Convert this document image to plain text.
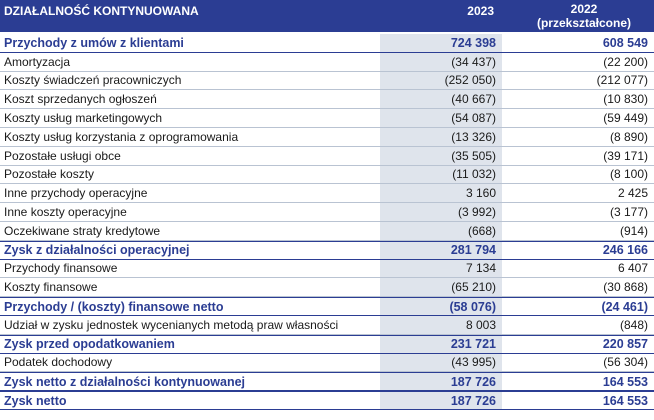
DZIAŁALNOŚĆ KONTYNUOWANA	2023	2022
(przekształcone)
Przychody z umów z klientami	724 398	608 549
Amortyzacja	(34 437)	(22 200)
Koszty świadczeń pracowniczych	(252 050)	(212 077)
Koszt sprzedanych ogłoszeń	(40 667)	(10 830)
Koszty usług marketingowych	(54 087)	(59 449)
Koszty usług korzystania z oprogramowania	(13 326)	(8 890)
Pozostałe usługi obce	(35 505)	(39 171)
Pozostałe koszty	(11 032)	(8 100)
Inne przychody operacyjne	3 160	2 425
Inne koszty operacyjne	(3 992)	(3 177)
Oczekiwane straty kredytowe	(668)	(914)
Zysk z działalności operacyjnej	281 794	246 166
Przychody finansowe	7 134	6 407
Koszty finansowe	(65 210)	(30 868)
Przychody / (koszty) finansowe netto	(58 076)	(24 461)
Udział w zysku jednostek wycenianych metodą praw własności	8 003	(848)
Zysk przed opodatkowaniem	231 721	220 857
Podatek dochodowy	(43 995)	(56 304)
Zysk netto z działalności kontynuowanej	187 726	164 553
Zysk netto	187 726	164 553
